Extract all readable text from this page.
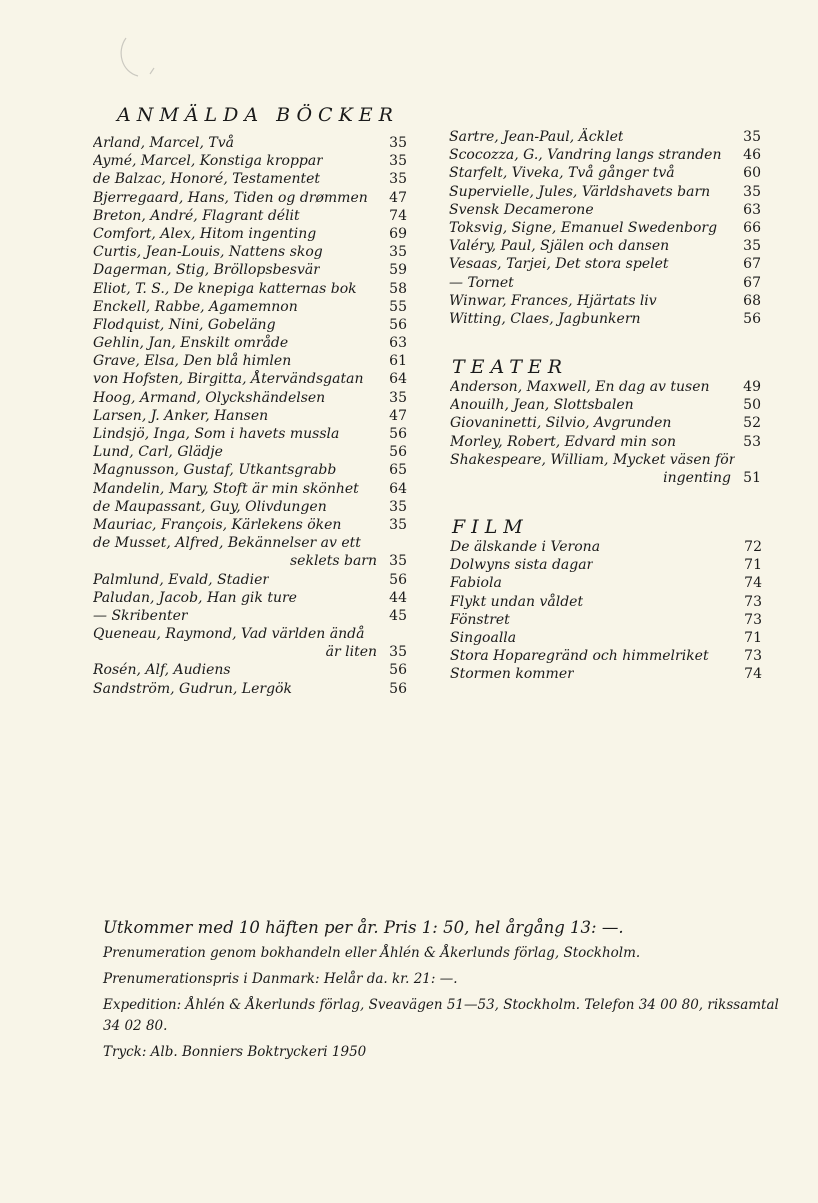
ANMÄLDA BÖCKER
Arland, Marcel, Två	35
Aymé, Marcel, Konstiga kroppar	35
de Balzac, Honoré, Testamentet	35
Bjerregaard, Hans, Tiden og drømmen 47
Breton, André, Flagrant délit	74
Comfort, Alex, Hitom ingenting	69
Curtis, Jean-Louis, Nattens skog	35
Dagerman, Stig, Bröllopsbesvär	59
Eliot, T. S., De knepiga katternas bok 58
Enckell, Rabbe, Agamemnon	55
Flodquist, Nini, Gobeläng	56
Gehlin, Jan, Enskilt område	63
Grave, Elsa, Den blå himlen	61
von Hofsten, Birgitta, Återvändsgatan 64
Hoog, Armand, Olyckshändelsen	35
Larsen, J. Anker, Hansen	47
Lindsjö, Inga, Som i havets mussla	56
Lund, Carl, Glädje	56
Magnusson, Gustaf, Utkantsgrabb	65
Mandelin, Mary, Stoft är min skönhet 64
de Maupassant, Guy, Olivdungen	35
Mauriac, François, Kärlekens öken	35
de Musset, Alfred, Bekännelser av ett
seklets barn 35
Palmlund, Evald, Stadier	56
Paludan, Jacob, Han gik ture	44
— Skribenter	45
Queneau, Raymond, Vad världen ändå
är liten 35
Rosén, Alf, Audiens	56
Sandström, Gudrun, Lergök	56
Sartre, Jean-Paul, Äcklet	35
Scocozza, G., Vandring langs stranden 46
Starfelt, Viveka, Två gånger två	60
Supervielle, Jules, Världshavets barn 35
Svensk Decamerone	63
Toksvig, Signe, Emanuel Swedenborg 66
Valéry, Paul, Själen och dansen	35
Vesaas, Tarjei, Det stora spelet	67
— Tornet	67
Winwar, Frances, Hjärtats liv	68
Witting, Claes, Jagbunkern	56
TEATER
Anderson, Maxwell, En dag av tusen 49
Anouilh, Jean, Slottsbalen	50
Giovaninetti, Silvio, Avgrunden	52
Morley, Robert, Edvard min son	53
Shakespeare, William, Mycket väsen för
ingenting 51
FILM
De älskande i Verona	72
Dolwyns sista dagar	71
Fabiola	74
Flykt undan våldet	73
Fönstret	73
Singoalla	71
Stora Hoparegränd och himmelriket	73
Stormen kommer	74
Utkommer med 10 häften per år. Pris 1: 50, hel årgång 13: —.

Prenumeration genom bokhandeln eller Åhlén & Åkerlunds förlag, Stockholm.

Prenumerationspris i Danmark: Helår da. kr. 21: —.

Expedition: Åhlén & Åkerlunds förlag, Sveavägen 51—53, Stockholm. Telefon 34 00 80, rikssamtal 34 02 80.

Tryck: Alb. Bonniers Boktryckeri 1950
